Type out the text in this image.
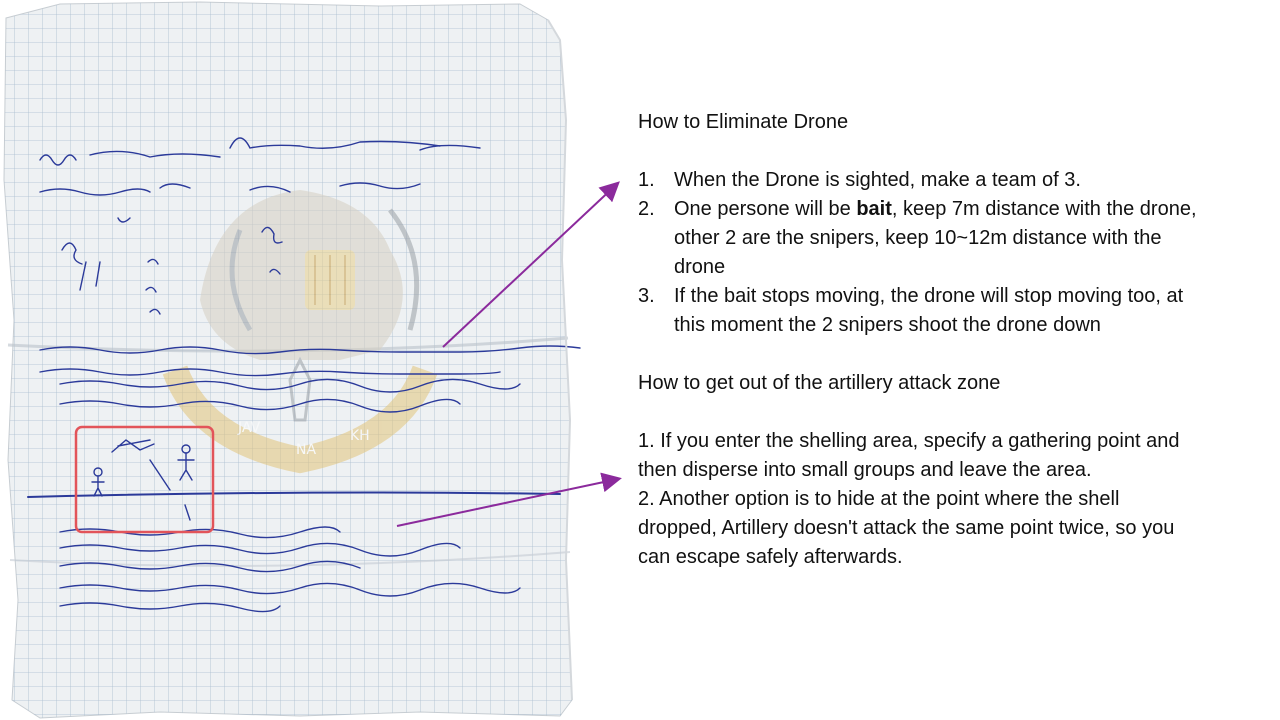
JAV
NA
KH

How to Eliminate Drone

1. When the Drone is sighted, make a team of 3.
2. One persone will be bait, keep 7m distance with the drone, other 2 are the snipers, keep 10~12m distance with the drone
3. If the bait stops moving, the drone will stop moving too, at this moment the 2 snipers shoot the drone down

How to get out of the artillery attack zone

1. If you enter the shelling area, specify a gathering point and then disperse into small groups and leave the area.

2. Another option is to hide at the point where the shell dropped, Artillery doesn't attack the same point twice, so you can escape safely afterwards.
